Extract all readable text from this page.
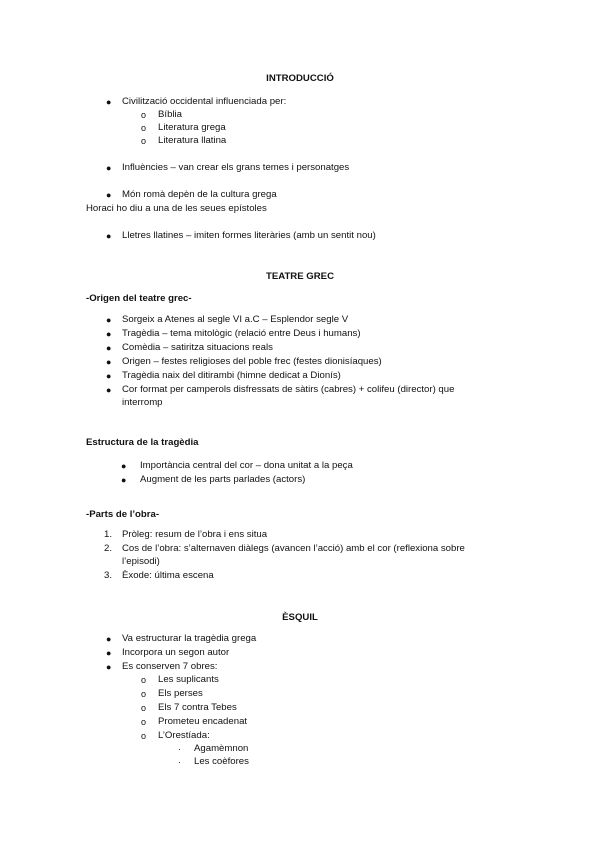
INTRODUCCIÓ
● Civilització occidental influenciada per:
o Bíblia
o Literatura grega
o Literatura llatina
● Influències – van crear els grans temes i personatges
● Món romà depèn de la cultura grega
Horaci ho diu a una de les seues epístoles
● Lletres llatines – imiten formes literàries (amb un sentit nou)
TEATRE GREC
-Origen del teatre grec-
● Sorgeix a Atenes al segle VI a.C – Esplendor segle V
● Tragèdia – tema mitològic (relació entre Deus i humans)
● Comèdia – satiritza situacions reals
● Origen – festes religioses del poble frec (festes dionisíaques)
● Tragèdia naix del ditirambi (himne dedicat a Dionís)
● Cor format per camperols disfressats de sàtirs (cabres) + colifeu (director) que
interromp
Estructura de la tragèdia
● Importància central del cor – dona unitat a la peça
● Augment de les parts parlades (actors)
-Parts de l’obra-
1. Pròleg: resum de l’obra i ens situa
2. Cos de l’obra: s’alternaven diàlegs (avancen l’acció) amb el cor (reflexiona sobre
l’episodi)
3. Èxode: última escena
ÈSQUIL
● Va estructurar la tragèdia grega
● Incorpora un segon autor
● Es conserven 7 obres:
o Les suplicants
o Els perses
o Els 7 contra Tebes
o Prometeu encadenat
o L’Orestíada:
· Agamèmnon
· Les coèfores
